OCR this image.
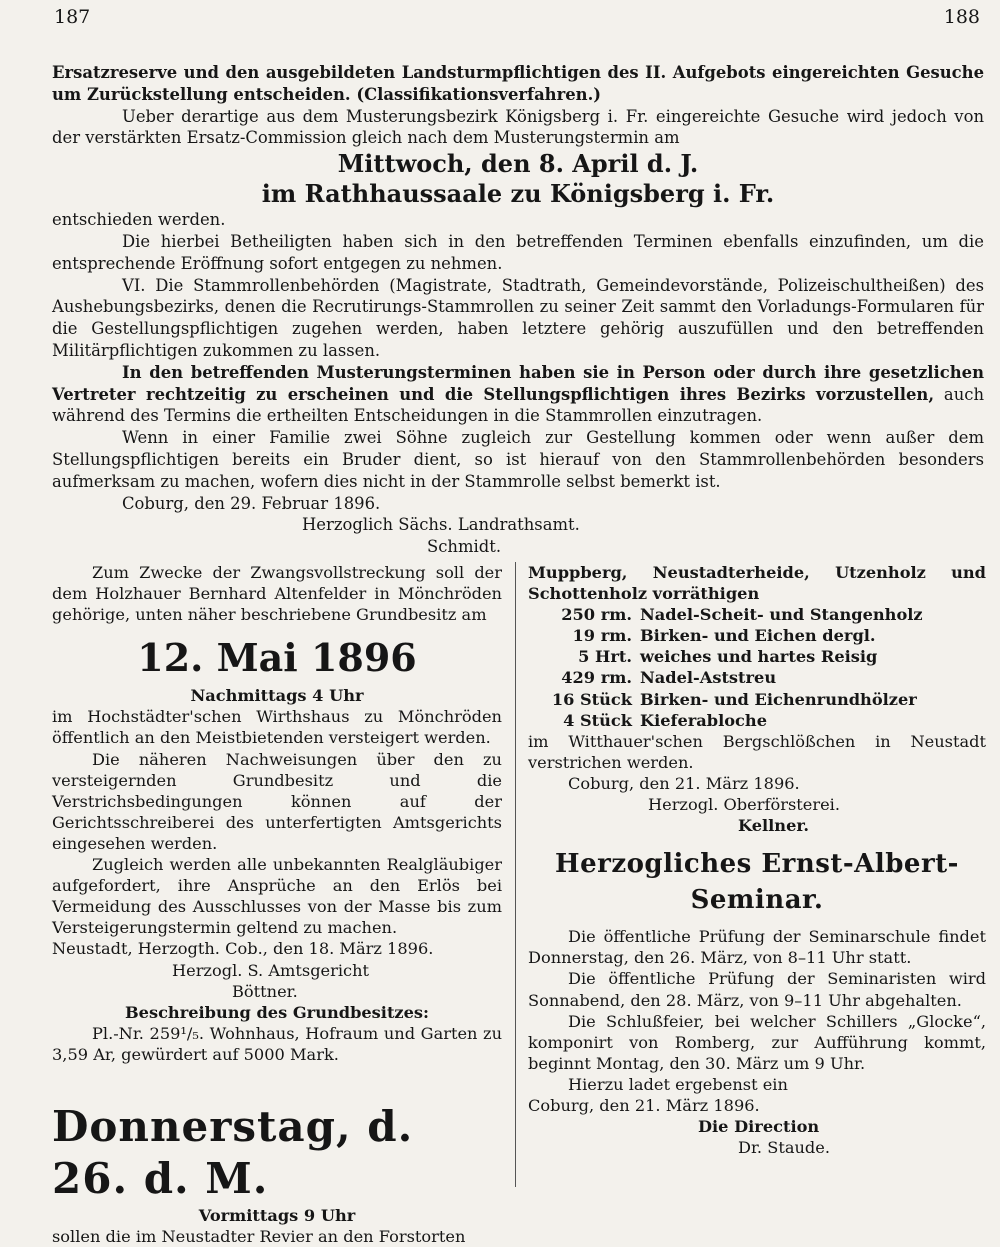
187	188

Ersatzreserve und den ausgebildeten Landsturmpflichtigen des II. Aufgebots eingereichten Gesuche um Zurückstellung entscheiden. (Classifikationsverfahren.)

Ueber derartige aus dem Musterungsbezirk Königsberg i. Fr. eingereichte Gesuche wird jedoch von der verstärkten Ersatz-Commission gleich nach dem Musterungstermin am

Mittwoch, den 8. April d. J.

im Rathhaussaale zu Königsberg i. Fr.

entschieden werden.

Die hierbei Betheiligten haben sich in den betreffenden Terminen ebenfalls einzufinden, um die entsprechende Eröffnung sofort entgegen zu nehmen.

VI. Die Stammrollenbehörden (Magistrate, Stadtrath, Gemeindevorstände, Polizeischultheißen) des Aushebungsbezirks, denen die Recrutirungs-Stammrollen zu seiner Zeit sammt den Vorladungs-Formularen für die Gestellungspflichtigen zugehen werden, haben letztere gehörig auszufüllen und den betreffenden Militärpflichtigen zukommen zu lassen.

In den betreffenden Musterungsterminen haben sie in Person oder durch ihre gesetzlichen Vertreter rechtzeitig zu erscheinen und die Stellungspflichtigen ihres Bezirks vorzustellen, auch während des Termins die ertheilten Entscheidungen in die Stammrollen einzutragen.

Wenn in einer Familie zwei Söhne zugleich zur Gestellung kommen oder wenn außer dem Stellungspflichtigen bereits ein Bruder dient, so ist hierauf von den Stammrollenbehörden besonders aufmerksam zu machen, wofern dies nicht in der Stammrolle selbst bemerkt ist.

Coburg, den 29. Februar 1896.

Herzoglich Sächs. Landrathsamt.

Schmidt.

Zum Zwecke der Zwangsvollstreckung soll der dem Holzhauer Bernhard Altenfelder in Mönchröden gehörige, unten näher beschriebene Grundbesitz am

12. Mai 1896

Nachmittags 4 Uhr

im Hochstädter'schen Wirthshaus zu Mönchröden öffentlich an den Meistbietenden versteigert werden.

Die näheren Nachweisungen über den zu versteigernden Grundbesitz und die Verstrichsbedingungen können auf der Gerichtsschreiberei des unterfertigten Amtsgerichts eingesehen werden.

Zugleich werden alle unbekannten Realgläubiger aufgefordert, ihre Ansprüche an den Erlös bei Vermeidung des Ausschlusses von der Masse bis zum Versteigerungstermin geltend zu machen.

Neustadt, Herzogth. Cob., den 18. März 1896.

Herzogl. S. Amtsgericht

Böttner.

Beschreibung des Grundbesitzes:

Pl.-Nr. 259¹/₅. Wohnhaus, Hofraum und Garten zu 3,59 Ar, gewürdert auf 5000 Mark.

Donnerstag, d. 26. d. M.

Vormittags 9 Uhr

sollen die im Neustadter Revier an den Forstorten

Muppberg, Neustadterheide, Utzenholz und Schottenholz vorräthigen

250 rm. Nadel-Scheit- und Stangenholz
19 rm. Birken- und Eichen dergl.
5 Hrt. weiches und hartes Reisig
429 rm. Nadel-Aststreu
16 Stück Birken- und Eichenrundhölzer
4 Stück Kieferabloche

im Witthauer'schen Bergschlößchen in Neustadt verstrichen werden.

Coburg, den 21. März 1896.

Herzogl. Oberförsterei.

Kellner.

Herzogliches Ernst-Albert-Seminar.

Die öffentliche Prüfung der Seminarschule findet Donnerstag, den 26. März, von 8–11 Uhr statt.

Die öffentliche Prüfung der Seminaristen wird Sonnabend, den 28. März, von 9–11 Uhr abgehalten.

Die Schlußfeier, bei welcher Schillers „Glocke“, komponirt von Romberg, zur Aufführung kommt, beginnt Montag, den 30. März um 9 Uhr.

Hierzu ladet ergebenst ein

Coburg, den 21. März 1896.

Die Direction

Dr. Staude.
